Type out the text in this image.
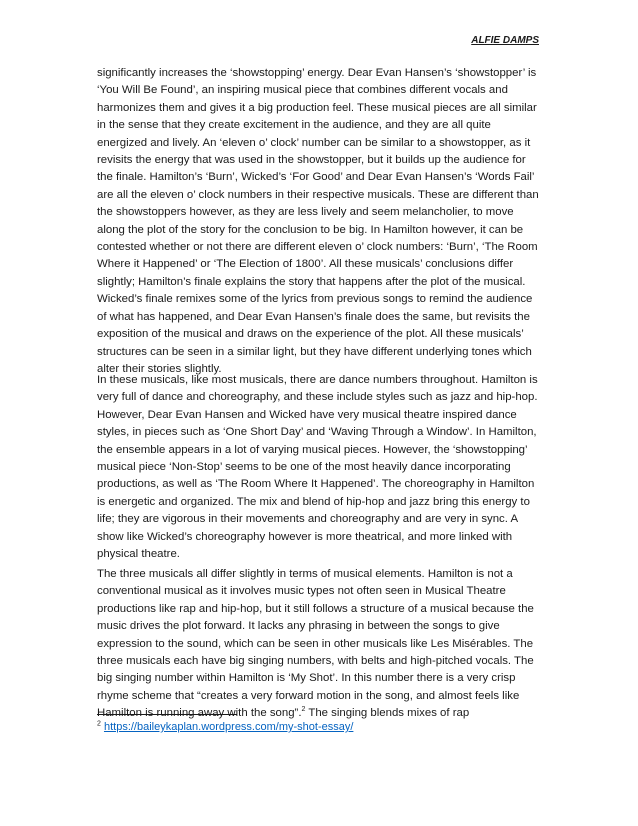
ALFIE DAMPS

significantly increases the ‘showstopping’ energy. Dear Evan Hansen’s ‘showstopper’ is ‘You Will Be Found’, an inspiring musical piece that combines different vocals and harmonizes them and gives it a big production feel. These musical pieces are all similar in the sense that they create excitement in the audience, and they are all quite energized and lively. An ‘eleven o’ clock’ number can be similar to a showstopper, as it revisits the energy that was used in the showstopper, but it builds up the audience for the finale. Hamilton’s ‘Burn’, Wicked’s ‘For Good’ and Dear Evan Hansen’s ‘Words Fail’ are all the eleven o’ clock numbers in their respective musicals. These are different than the showstoppers however, as they are less lively and seem melancholier, to move along the plot of the story for the conclusion to be big. In Hamilton however, it can be contested whether or not there are different eleven o’ clock numbers: ‘Burn’, ‘The Room Where it Happened’ or ‘The Election of 1800’. All these musicals’ conclusions differ slightly; Hamilton’s finale explains the story that happens after the plot of the musical. Wicked’s finale remixes some of the lyrics from previous songs to remind the audience of what has happened, and Dear Evan Hansen’s finale does the same, but revisits the exposition of the musical and draws on the experience of the plot. All these musicals’ structures can be seen in a similar light, but they have different underlying tones which alter their stories slightly.

In these musicals, like most musicals, there are dance numbers throughout. Hamilton is very full of dance and choreography, and these include styles such as jazz and hip-hop. However, Dear Evan Hansen and Wicked have very musical theatre inspired dance styles, in pieces such as ‘One Short Day’ and ‘Waving Through a Window’. In Hamilton, the ensemble appears in a lot of varying musical pieces. However, the ‘showstopping’ musical piece ‘Non-Stop’ seems to be one of the most heavily dance incorporating productions, as well as ‘The Room Where It Happened’. The choreography in Hamilton is energetic and organized. The mix and blend of hip-hop and jazz bring this energy to life; they are vigorous in their movements and choreography and are very in sync. A show like Wicked’s choreography however is more theatrical, and more linked with physical theatre.

The three musicals all differ slightly in terms of musical elements. Hamilton is not a conventional musical as it involves music types not often seen in Musical Theatre productions like rap and hip-hop, but it still follows a structure of a musical because the music drives the plot forward. It lacks any phrasing in between the songs to give expression to the sound, which can be seen in other musicals like Les Misérables. The three musicals each have big singing numbers, with belts and high-pitched vocals. The big singing number within Hamilton is ‘My Shot’. In this number there is a very crisp rhyme scheme that “creates a very forward motion in the song, and almost feels like Hamilton is running away with the song”.$^2$ The singing blends mixes of rap

$^2$ https://baileykaplan.wordpress.com/my-shot-essay/
